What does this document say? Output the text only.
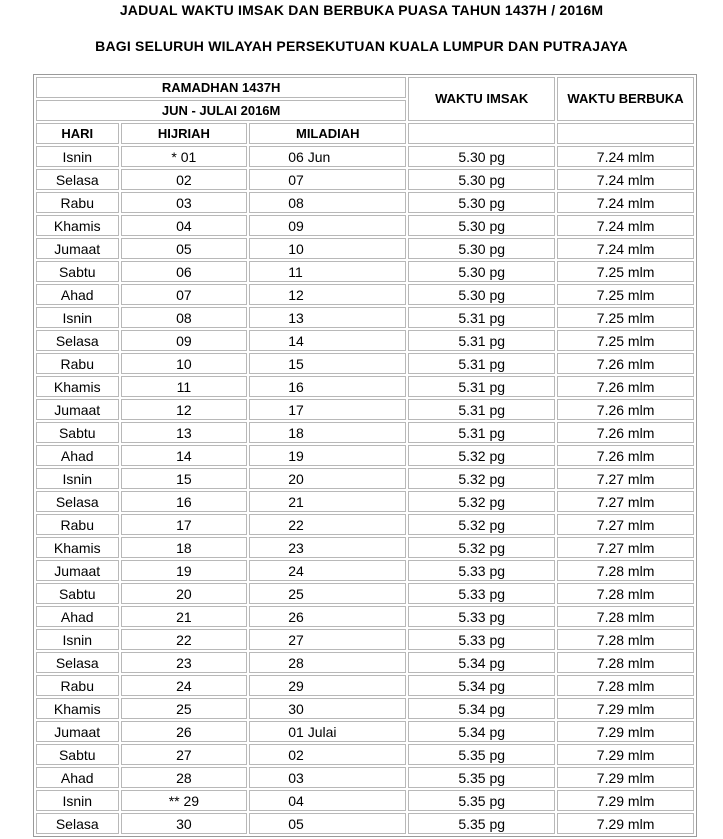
JADUAL WAKTU IMSAK DAN BERBUKA PUASA TAHUN 1437H / 2016M
BAGI SELURUH WILAYAH PERSEKUTUAN KUALA LUMPUR DAN PUTRAJAYA
RAMADHAN 1437H			WAKTU IMSAK	WAKTU BERBUKA
JUN - JULAI 2016M				
HARI	HIJRIAH	MILADIAH		
Isnin	* 01	06 Jun	5.30 pg	7.24 mlm
Selasa	02	07	5.30 pg	7.24 mlm
Rabu	03	08	5.30 pg	7.24 mlm
Khamis	04	09	5.30 pg	7.24 mlm
Jumaat	05	10	5.30 pg	7.24 mlm
Sabtu	06	11	5.30 pg	7.25 mlm
Ahad	07	12	5.30 pg	7.25 mlm
Isnin	08	13	5.31 pg	7.25 mlm
Selasa	09	14	5.31 pg	7.25 mlm
Rabu	10	15	5.31 pg	7.26 mlm
Khamis	11	16	5.31 pg	7.26 mlm
Jumaat	12	17	5.31 pg	7.26 mlm
Sabtu	13	18	5.31 pg	7.26 mlm
Ahad	14	19	5.32 pg	7.26 mlm
Isnin	15	20	5.32 pg	7.27 mlm
Selasa	16	21	5.32 pg	7.27 mlm
Rabu	17	22	5.32 pg	7.27 mlm
Khamis	18	23	5.32 pg	7.27 mlm
Jumaat	19	24	5.33 pg	7.28 mlm
Sabtu	20	25	5.33 pg	7.28 mlm
Ahad	21	26	5.33 pg	7.28 mlm
Isnin	22	27	5.33 pg	7.28 mlm
Selasa	23	28	5.34 pg	7.28 mlm
Rabu	24	29	5.34 pg	7.28 mlm
Khamis	25	30	5.34 pg	7.29 mlm
Jumaat	26	01 Julai	5.34 pg	7.29 mlm
Sabtu	27	02	5.35 pg	7.29 mlm
Ahad	28	03	5.35 pg	7.29 mlm
Isnin	** 29	04	5.35 pg	7.29 mlm
Selasa	30	05	5.35 pg	7.29 mlm
